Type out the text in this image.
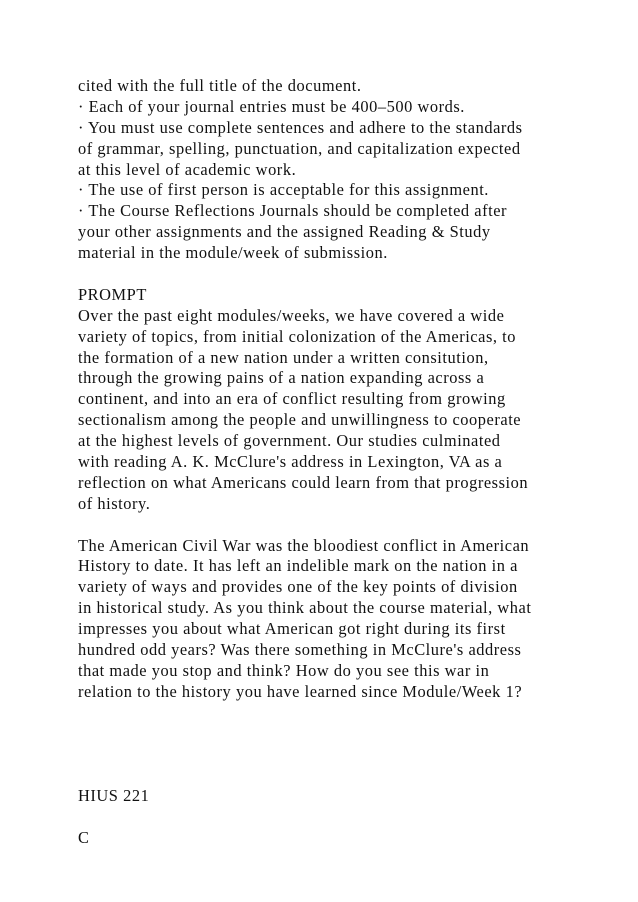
cited with the full title of the document.
· Each of your journal entries must be 400–500 words.
· You must use complete sentences and adhere to the standards
of grammar, spelling, punctuation, and capitalization expected
at this level of academic work.
· The use of first person is acceptable for this assignment.
· The Course Reflections Journals should be completed after
your other assignments and the assigned Reading & Study
material in the module/week of submission.
PROMPT
Over the past eight modules/weeks, we have covered a wide
variety of topics, from initial colonization of the Americas, to
the formation of a new nation under a written consitution,
through the growing pains of a nation expanding across a
continent, and into an era of conflict resulting from growing
sectionalism among the people and unwillingness to cooperate
at the highest levels of government. Our studies culminated
with reading A. K. McClure's address in Lexington, VA as a
reflection on what Americans could learn from that progression
of history.
The American Civil War was the bloodiest conflict in American
History to date. It has left an indelible mark on the nation in a
variety of ways and provides one of the key points of division
in historical study. As you think about the course material, what
impresses you about what American got right during its first
hundred odd years? Was there something in McClure's address
that made you stop and think? How do you see this war in
relation to the history you have learned since Module/Week 1?
HIUS 221
C
